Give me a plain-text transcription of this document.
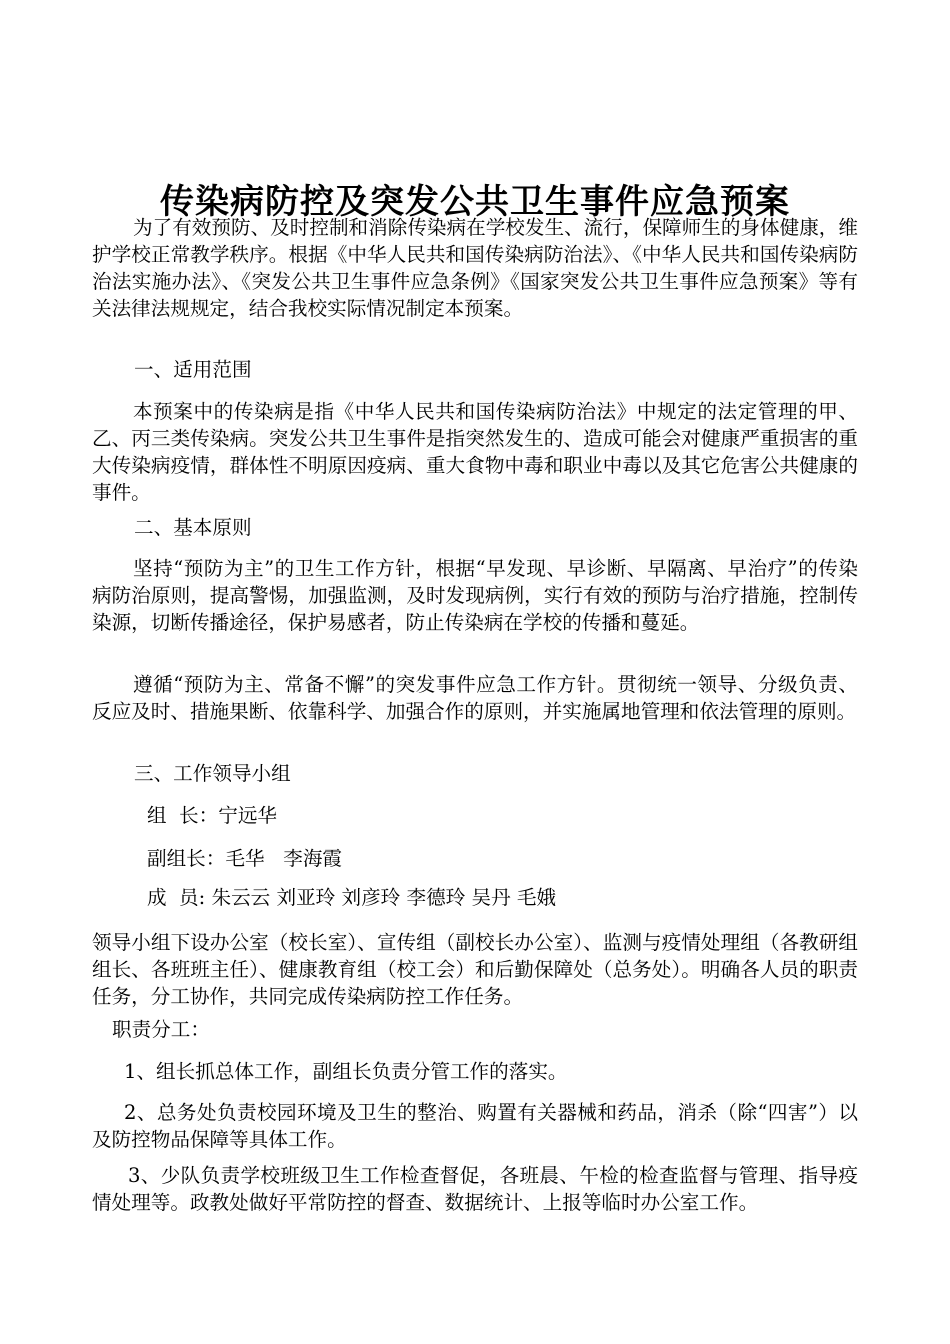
传染病防控及突发公共卫生事件应急预案

为了有效预防、及时控制和消除传染病在学校发生、流行，保障师生的身体健康，维护学校正常教学秩序。根据《中华人民共和国传染病防治法》、《中华人民共和国传染病防治法实施办法》、《突发公共卫生事件应急条例》《国家突发公共卫生事件应急预案》等有关法律法规规定，结合我校实际情况制定本预案。

一、适用范围

本预案中的传染病是指《中华人民共和国传染病防治法》中规定的法定管理的甲、乙、丙三类传染病。突发公共卫生事件是指突然发生的、造成可能会对健康严重损害的重大传染病疫情，群体性不明原因疫病、重大食物中毒和职业中毒以及其它危害公共健康的事件。

二、基本原则

坚持“预防为主”的卫生工作方针，根据“早发现、早诊断、早隔离、早治疗”的传染病防治原则，提高警惕，加强监测，及时发现病例，实行有效的预防与治疗措施，控制传染源，切断传播途径，保护易感者，防止传染病在学校的传播和蔓延。

遵循“预防为主、常备不懈”的突发事件应急工作方针。贯彻统一领导、分级负责、反应及时、措施果断、依靠科学、加强合作的原则，并实施属地管理和依法管理的原则。

三、工作领导小组

组  长：宁远华

副组长：毛华   李海霞

成  员: 朱云云 刘亚玲 刘彦玲 李德玲 吴丹 毛娥

领导小组下设办公室（校长室）、宣传组（副校长办公室）、监测与疫情处理组（各教研组组长、各班班主任）、健康教育组（校工会）和后勤保障处（总务处）。明确各人员的职责任务，分工协作，共同完成传染病防控工作任务。

职责分工：

1、组长抓总体工作，副组长负责分管工作的落实。

2、总务处负责校园环境及卫生的整治、购置有关器械和药品，消杀（除“四害”）以及防控物品保障等具体工作。

3、少队负责学校班级卫生工作检查督促，各班晨、午检的检查监督与管理、指导疫情处理等。政教处做好平常防控的督查、数据统计、上报等临时办公室工作。
